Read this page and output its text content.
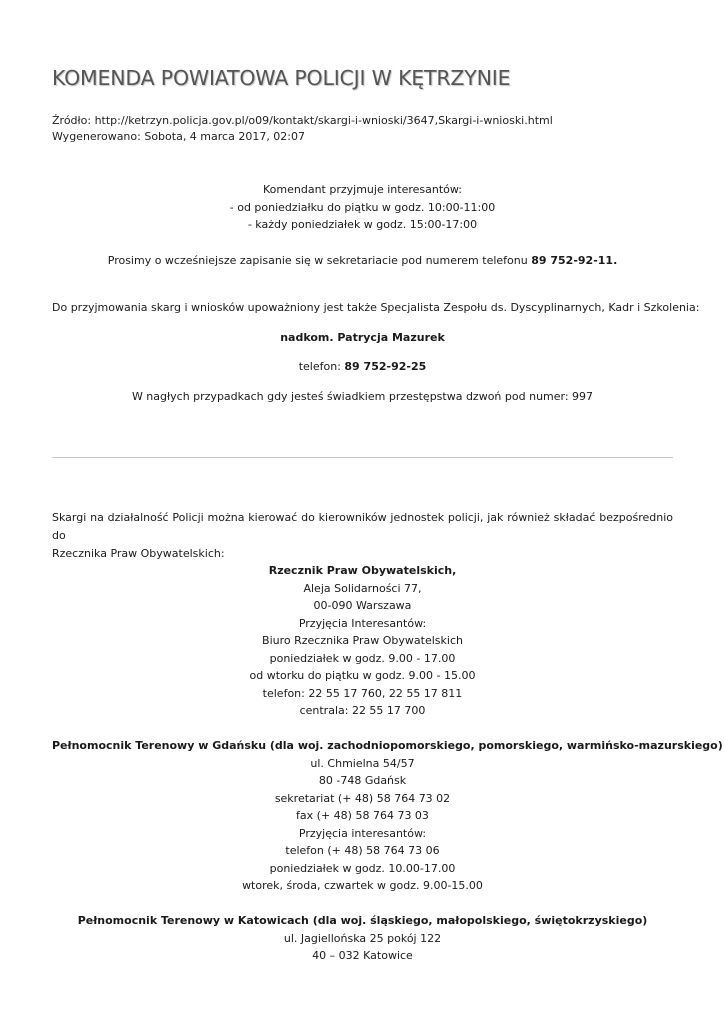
KOMENDA POWIATOWA POLICJI W KĘTRZYNIE
Źródło: http://ketrzyn.policja.gov.pl/o09/kontakt/skargi-i-wnioski/3647,Skargi-i-wnioski.html
Wygenerowano: Sobota, 4 marca 2017, 02:07
Komendant przyjmuje interesantów:
- od poniedziałku do piątku w godz. 10:00-11:00
- każdy poniedziałek w godz. 15:00-17:00
Prosimy o wcześniejsze zapisanie się w sekretariacie pod numerem telefonu 89 752-92-11.
Do przyjmowania skarg i wniosków upoważniony jest także Specjalista Zespołu ds. Dyscyplinarnych, Kadr i Szkolenia:
nadkom. Patrycja Mazurek
telefon: 89 752-92-25
W nagłych przypadkach gdy jesteś świadkiem przestępstwa dzwoń pod numer: 997
Skargi na działalność Policji można kierować do kierowników jednostek policji, jak również składać bezpośrednio do
Rzecznika Praw Obywatelskich:
Rzecznik Praw Obywatelskich,
Aleja Solidarności 77,
00-090 Warszawa
Przyjęcia Interesantów:
Biuro Rzecznika Praw Obywatelskich
poniedziałek w godz. 9.00 - 17.00
od wtorku do piątku w godz. 9.00 - 15.00
telefon: 22 55 17 760, 22 55 17 811
centrala: 22 55 17 700
Pełnomocnik Terenowy w Gdańsku (dla woj. zachodniopomorskiego, pomorskiego, warmińsko-mazurskiego)
ul. Chmielna 54/57
80 -748 Gdańsk
sekretariat (+ 48) 58 764 73 02
fax (+ 48) 58 764 73 03
Przyjęcia interesantów:
telefon (+ 48) 58 764 73 06
poniedziałek w godz. 10.00-17.00
wtorek, środa, czwartek w godz. 9.00-15.00
Pełnomocnik Terenowy w Katowicach (dla woj. śląskiego, małopolskiego, świętokrzyskiego)
ul. Jagiellońska 25 pokój 122
40 – 032 Katowice
